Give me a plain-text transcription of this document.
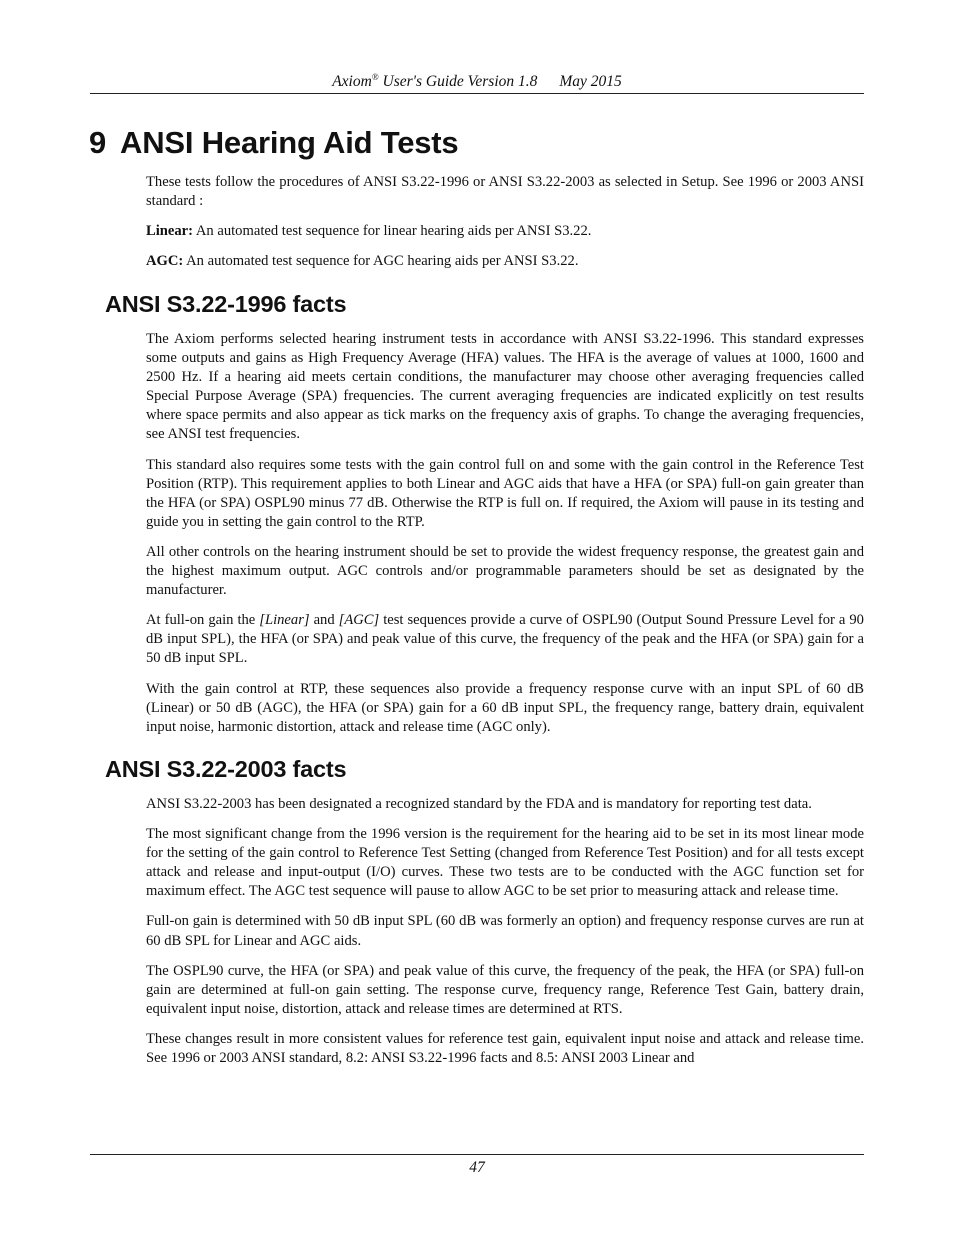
Axiom® User's Guide Version 1.8 May 2015
9 ANSI Hearing Aid Tests

These tests follow the procedures of ANSI S3.22-1996 or ANSI S3.22-2003 as selected in Setup. See 1996 or 2003 ANSI standard :

Linear: An automated test sequence for linear hearing aids per ANSI S3.22.

AGC: An automated test sequence for AGC hearing aids per ANSI S3.22.

ANSI S3.22-1996 facts

The Axiom performs selected hearing instrument tests in accordance with ANSI S3.22-1996. This standard expresses some outputs and gains as High Frequency Average (HFA) values. The HFA is the average of values at 1000, 1600 and 2500 Hz. If a hearing aid meets certain conditions, the manufacturer may choose other averaging frequencies called Special Purpose Average (SPA) frequencies. The current averaging frequencies are indicated explicitly on test results where space permits and also appear as tick marks on the frequency axis of graphs. To change the averaging frequencies, see ANSI test frequencies.

This standard also requires some tests with the gain control full on and some with the gain control in the Reference Test Position (RTP). This requirement applies to both Linear and AGC aids that have a HFA (or SPA) full-on gain greater than the HFA (or SPA) OSPL90 minus 77 dB. Otherwise the RTP is full on. If required, the Axiom will pause in its testing and guide you in setting the gain control to the RTP.

All other controls on the hearing instrument should be set to provide the widest frequency response, the greatest gain and the highest maximum output. AGC controls and/or programmable parameters should be set as designated by the manufacturer.

At full-on gain the [Linear] and [AGC] test sequences provide a curve of OSPL90 (Output Sound Pressure Level for a 90 dB input SPL), the HFA (or SPA) and peak value of this curve, the frequency of the peak and the HFA (or SPA) gain for a 50 dB input SPL.

With the gain control at RTP, these sequences also provide a frequency response curve with an input SPL of 60 dB (Linear) or 50 dB (AGC), the HFA (or SPA) gain for a 60 dB input SPL, the frequency range, battery drain, equivalent input noise, harmonic distortion, attack and release time (AGC only).

ANSI S3.22-2003 facts

ANSI S3.22-2003 has been designated a recognized standard by the FDA and is mandatory for reporting test data.

The most significant change from the 1996 version is the requirement for the hearing aid to be set in its most linear mode for the setting of the gain control to Reference Test Setting (changed from Reference Test Position) and for all tests except attack and release and input-output (I/O) curves. These two tests are to be conducted with the AGC function set for maximum effect. The AGC test sequence will pause to allow AGC to be set prior to measuring attack and release time.

Full-on gain is determined with 50 dB input SPL (60 dB was formerly an option) and frequency response curves are run at 60 dB SPL for Linear and AGC aids.

The OSPL90 curve, the HFA (or SPA) and peak value of this curve, the frequency of the peak, the HFA (or SPA) full-on gain are determined at full-on gain setting. The response curve, frequency range, Reference Test Gain, battery drain, equivalent input noise, distortion, attack and release times are determined at RTS.

These changes result in more consistent values for reference test gain, equivalent input noise and attack and release time. See 1996 or 2003 ANSI standard, 8.2: ANSI S3.22-1996 facts and 8.5: ANSI 2003 Linear and

47
